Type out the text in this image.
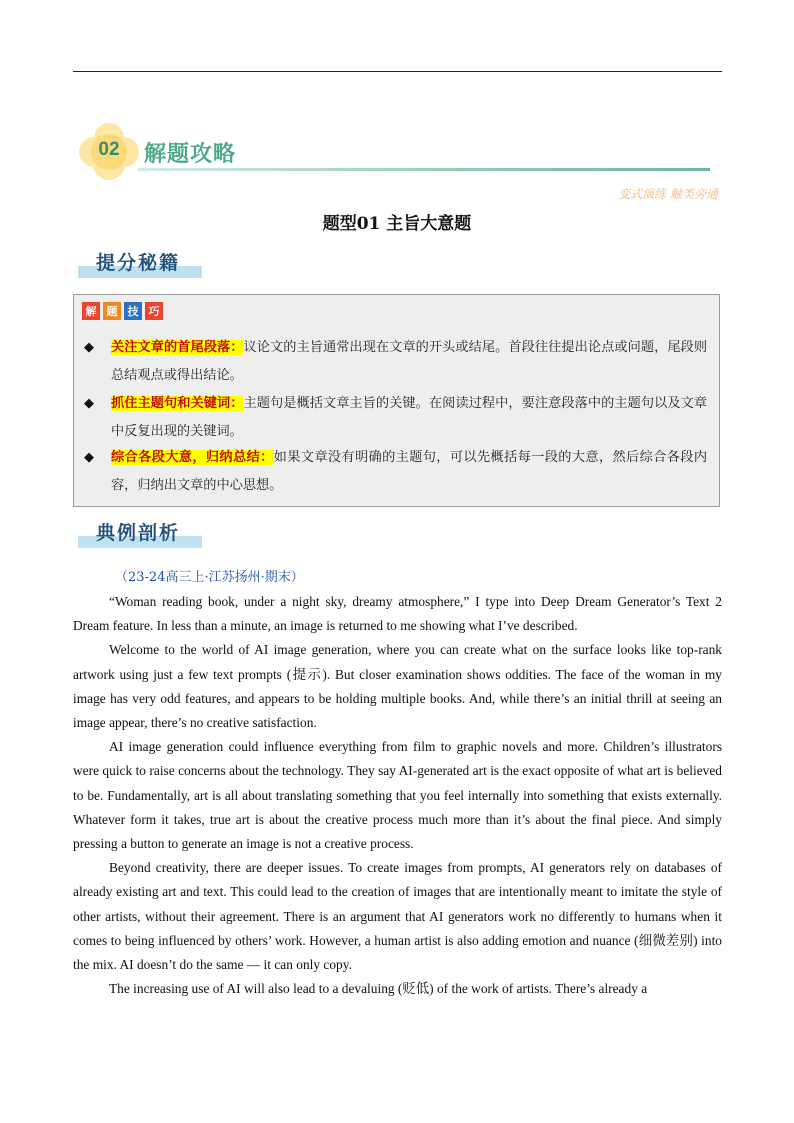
02	解题攻略
变式演练 触类旁通
题型01 主旨大意题
提分秘籍
解 题 技 巧
◆ 关注文章的首尾段落：议论文的主旨通常出现在文章的开头或结尾。首段往往提出论点或问题，尾段则总结观点或得出结论。
◆ 抓住主题句和关键词：主题句是概括文章主旨的关键。在阅读过程中，要注意段落中的主题句以及文章中反复出现的关键词。
◆ 综合各段大意，归纳总结：如果文章没有明确的主题句，可以先概括每一段的大意，然后综合各段内容，归纳出文章的中心思想。
典例剖析
（23-24高三上·江苏扬州·期末）

“Woman reading book, under a night sky, dreamy atmosphere,” I type into Deep Dream Generator’s Text 2 Dream feature. In less than a minute, an image is returned to me showing what I’ve described.

Welcome to the world of AI image generation, where you can create what on the surface looks like top-rank artwork using just a few text prompts (提示). But closer examination shows oddities. The face of the woman in my image has very odd features, and appears to be holding multiple books. And, while there’s an initial thrill at seeing an image appear, there’s no creative satisfaction.

AI image generation could influence everything from film to graphic novels and more. Children’s illustrators were quick to raise concerns about the technology. They say AI-generated art is the exact opposite of what art is believed to be. Fundamentally, art is all about translating something that you feel internally into something that exists externally. Whatever form it takes, true art is about the creative process much more than it’s about the final piece. And simply pressing a button to generate an image is not a creative process.

Beyond creativity, there are deeper issues. To create images from prompts, AI generators rely on databases of already existing art and text. This could lead to the creation of images that are intentionally meant to imitate the style of other artists, without their agreement. There is an argument that AI generators work no differently to humans when it comes to being influenced by others’ work. However, a human artist is also adding emotion and nuance (细微差别) into the mix. AI doesn’t do the same — it can only copy.

The increasing use of AI will also lead to a devaluing (贬低) of the work of artists. There’s already a
